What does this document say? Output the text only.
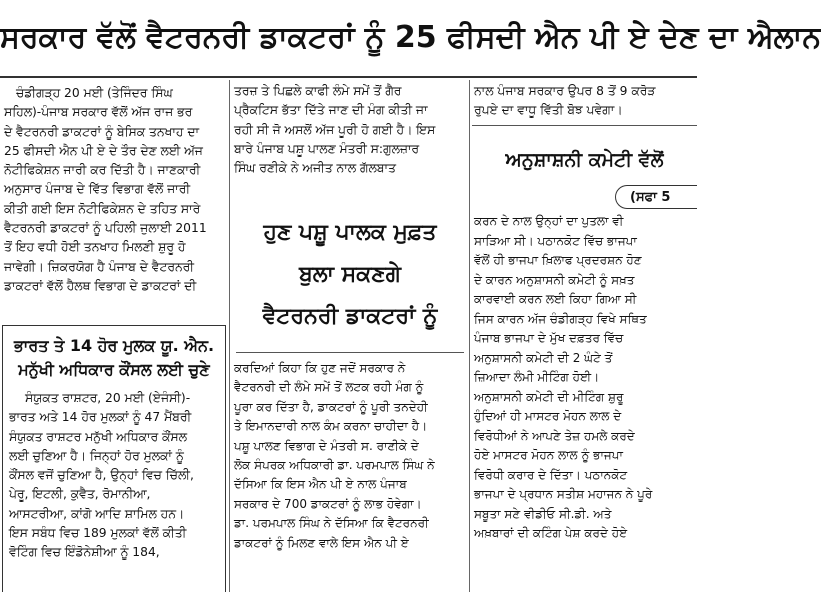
ਸਰਕਾਰ ਵੱਲੋਂ ਵੈਟਰਨਰੀ ਡਾਕਟਰਾਂ ਨੂੰ 25 ਫੀਸਦੀ ਐਨ ਪੀ ਏ ਦੇਣ ਦਾ ਐਲਾਨ

ਚੰਡੀਗੜ੍ਹ 20 ਮਈ (ਤੇਜਿੰਦਰ ਸਿੰਘ

ਸਹਿਲ)-ਪੰਜਾਬ ਸਰਕਾਰ ਵੱਲੋਂ ਅੱਜ ਰਾਜ ਭਰ

ਦੇ ਵੈਟਰਨਰੀ ਡਾਕਟਰਾਂ ਨੂੰ ਬੇਸਿਕ ਤਨਖਾਹ ਦਾ

25 ਫੀਸਦੀ ਐਨ ਪੀ ਏ ਦੇ ਤੌਰ ਦੇਣ ਲਈ ਅੱਜ

ਨੋਟੀਫਿਕੇਸ਼ਨ ਜਾਰੀ ਕਰ ਦਿੱਤੀ ਹੈ। ਜਾਣਕਾਰੀ

ਅਨੁਸਾਰ ਪੰਜਾਬ ਦੇ ਵਿੱਤ ਵਿਭਾਗ ਵੱਲੋਂ ਜਾਰੀ

ਕੀਤੀ ਗਈ ਇਸ ਨੋਟੀਫਿਕੇਸ਼ਨ ਦੇ ਤਹਿਤ ਸਾਰੇ

ਵੈਟਰਨਰੀ ਡਾਕਟਰਾਂ ਨੂੰ ਪਹਿਲੀ ਜੁਲਾਈ 2011

ਤੋਂ ਇਹ ਵਧੀ ਹੋਈ ਤਨਖਾਹ ਮਿਲਣੀ ਸ਼ੁਰੂ ਹੋ

ਜਾਵੇਗੀ। ਜ਼ਿਕਰਯੋਗ ਹੈ ਪੰਜਾਬ ਦੇ ਵੈਟਰਨਰੀ

ਡਾਕਟਰਾਂ ਵੱਲੋਂ ਹੈਲਥ ਵਿਭਾਗ ਦੇ ਡਾਕਟਰਾਂ ਦੀ

ਭਾਰਤ ਤੇ 14 ਹੋਰ ਮੁਲਕ ਯੂ. ਐਨ.
ਮਨੁੱਖੀ ਅਧਿਕਾਰ ਕੌਂਸਲ ਲਈ ਚੁਣੇ

ਸੰਯੁਕਤ ਰਾਸ਼ਟਰ, 20 ਮਈ (ਏਜੰਸੀ)-

ਭਾਰਤ ਅਤੇ 14 ਹੋਰ ਮੁਲਕਾਂ ਨੂੰ 47 ਮੈਂਬਰੀ

ਸੰਯੁਕਤ ਰਾਸ਼ਟਰ ਮਨੁੱਖੀ ਅਧਿਕਾਰ ਕੌਂਸਲ

ਲਈ ਚੁਣਿਆ ਹੈ। ਜਿਨ੍ਹਾਂ ਹੋਰ ਮੁਲਕਾਂ ਨੂੰ

ਕੌਂਸਲ ਵਜੋਂ ਚੁਣਿਆ ਹੈ, ਉਨ੍ਹਾਂ ਵਿਚ ਚਿੱਲੀ,

ਪੇਰੂ, ਇਟਲੀ, ਕੁਵੈਤ, ਰੋਮਾਨੀਆ,

ਆਸਟਰੀਆ, ਕਾਂਗੋ ਆਦਿ ਸ਼ਾਮਿਲ ਹਨ।

ਇਸ ਸਬੰਧ ਵਿਚ 189 ਮੁਲਕਾਂ ਵੱਲੋਂ ਕੀਤੀ

ਵੋਟਿੰਗ ਵਿਚ ਇੰਡੋਨੇਸ਼ੀਆ ਨੂੰ 184,

ਤਰਜ਼ ਤੇ ਪਿਛਲੇ ਕਾਫੀ ਲੰਮੇ ਸਮੇਂ ਤੋਂ ਗੈਰ

ਪ੍ਰੈਕਟਿਸ ਭੱਤਾ ਦਿੱਤੇ ਜਾਣ ਦੀ ਮੰਗ ਕੀਤੀ ਜਾ

ਰਹੀ ਸੀ ਜੋ ਅਸਲੋਂ ਅੱਜ ਪੂਰੀ ਹੋ ਗਈ ਹੈ। ਇਸ

ਬਾਰੇ ਪੰਜਾਬ ਪਸ਼ੂ ਪਾਲਣ ਮੰਤਰੀ ਸ:ਗੁਲਜ਼ਾਰ

ਸਿੰਘ ਰਣੀਕੇ ਨੇ ਅਜੀਤ ਨਾਲ ਗੱਲਬਾਤ

ਹੁਣ ਪਸ਼ੂ ਪਾਲਕ ਮੁਫ਼ਤ
ਬੁਲਾ ਸਕਣਗੇ
ਵੈਟਰਨਰੀ ਡਾਕਟਰਾਂ ਨੂੰ

ਕਰਦਿਆਂ ਕਿਹਾ ਕਿ ਹੁਣ ਜਦੋਂ ਸਰਕਾਰ ਨੇ

ਵੈਟਰਨਰੀ ਦੀ ਲੰਮੇ ਸਮੇਂ ਤੋਂ ਲਟਕ ਰਹੀ ਮੰਗ ਨੂੰ

ਪੂਰਾ ਕਰ ਦਿੱਤਾ ਹੈ, ਡਾਕਟਰਾਂ ਨੂੰ ਪੂਰੀ ਤਨਦੇਹੀ

ਤੇ ਇਮਾਨਦਾਰੀ ਨਾਲ ਕੰਮ ਕਰਨਾ ਚਾਹੀਦਾ ਹੈ।

ਪਸ਼ੂ ਪਾਲਣ ਵਿਭਾਗ ਦੇ ਮੰਤਰੀ ਸ. ਰਾਣੀਕੇ ਦੇ

ਲੋਕ ਸੰਪਰਕ ਅਧਿਕਾਰੀ ਡਾ. ਪਰਮਪਾਲ ਸਿੰਘ ਨੇ

ਦੱਸਿਆ ਕਿ ਇਸ ਐਨ ਪੀ ਏ ਨਾਲ ਪੰਜਾਬ

ਸਰਕਾਰ ਦੇ 700 ਡਾਕਟਰਾਂ ਨੂੰ ਲਾਭ ਹੋਵੇਗਾ।

ਡਾ. ਪਰਮਪਾਲ ਸਿੰਘ ਨੇ ਦੱਸਿਆ ਕਿ ਵੈਟਰਨਰੀ

ਡਾਕਟਰਾਂ ਨੂੰ ਮਿਲਣ ਵਾਲੇ ਇਸ ਐਨ ਪੀ ਏ

ਨਾਲ ਪੰਜਾਬ ਸਰਕਾਰ ਉਪਰ 8 ਤੋਂ 9 ਕਰੋੜ

ਰੁਪਏ ਦਾ ਵਾਧੂ ਵਿੱਤੀ ਬੋਝ ਪਵੇਗਾ।

ਅਨੁਸ਼ਾਸ਼ਨੀ ਕਮੇਟੀ ਵੱਲੋਂ
(ਸਫਾ 5

ਕਰਨ ਦੇ ਨਾਲ ਉਨ੍ਹਾਂ ਦਾ ਪੁਤਲਾ ਵੀ

ਸਾੜਿਆ ਸੀ। ਪਠਾਨਕੋਟ ਵਿੱਚ ਭਾਜਪਾ

ਵੱਲੋਂ ਹੀ ਭਾਜਪਾ ਖ਼ਿਲਾਫ ਪ੍ਰਦਰਸ਼ਨ ਹੋਣ

ਦੇ ਕਾਰਨ ਅਨੁਸ਼ਾਸਨੀ ਕਮੇਟੀ ਨੂੰ ਸਖ਼ਤ

ਕਾਰਵਾਈ ਕਰਨ ਲਈ ਕਿਹਾ ਗਿਆ ਸੀ

ਜਿਸ ਕਾਰਨ ਅੱਜ ਚੰਡੀਗੜ੍ਹ ਵਿਖੇ ਸਥਿਤ

ਪੰਜਾਬ ਭਾਜਪਾ ਦੇ ਮੁੱਖ ਦਫ਼ਤਰ ਵਿੱਚ

ਅਨੁਸ਼ਾਸਨੀ ਕਮੇਟੀ ਦੀ 2 ਘੰਟੇ ਤੋਂ

ਜ਼ਿਆਦਾ ਲੰਮੀ ਮੀਟਿੰਗ ਹੋਈ।

ਅਨੁਸ਼ਾਸਨੀ ਕਮੇਟੀ ਦੀ ਮੀਟਿੰਗ ਸ਼ੁਰੂ

ਹੁੰਦਿਆਂ ਹੀ ਮਾਸਟਰ ਮੋਹਨ ਲਾਲ ਦੇ

ਵਿਰੋਧੀਆਂ ਨੇ ਆਪਣੇ ਤੇਜ਼ ਹਮਲੇ ਕਰਦੇ

ਹੋਏ ਮਾਸਟਰ ਮੋਹਨ ਲਾਲ ਨੂੰ ਭਾਜਪਾ

ਵਿਰੋਧੀ ਕਰਾਰ ਦੇ ਦਿੱਤਾ। ਪਠਾਨਕੋਟ

ਭਾਜਪਾ ਦੇ ਪ੍ਰਧਾਨ ਸਤੀਸ਼ ਮਹਾਜਨ ਨੇ ਪੂਰੇ

ਸਬੂਤਾ ਸਣੇ ਵੀਡੀਓ ਸੀ.ਡੀ. ਅਤੇ

ਅਖ਼ਬਾਰਾਂ ਦੀ ਕਟਿੰਗ ਪੇਸ਼ ਕਰਦੇ ਹੋਏ
